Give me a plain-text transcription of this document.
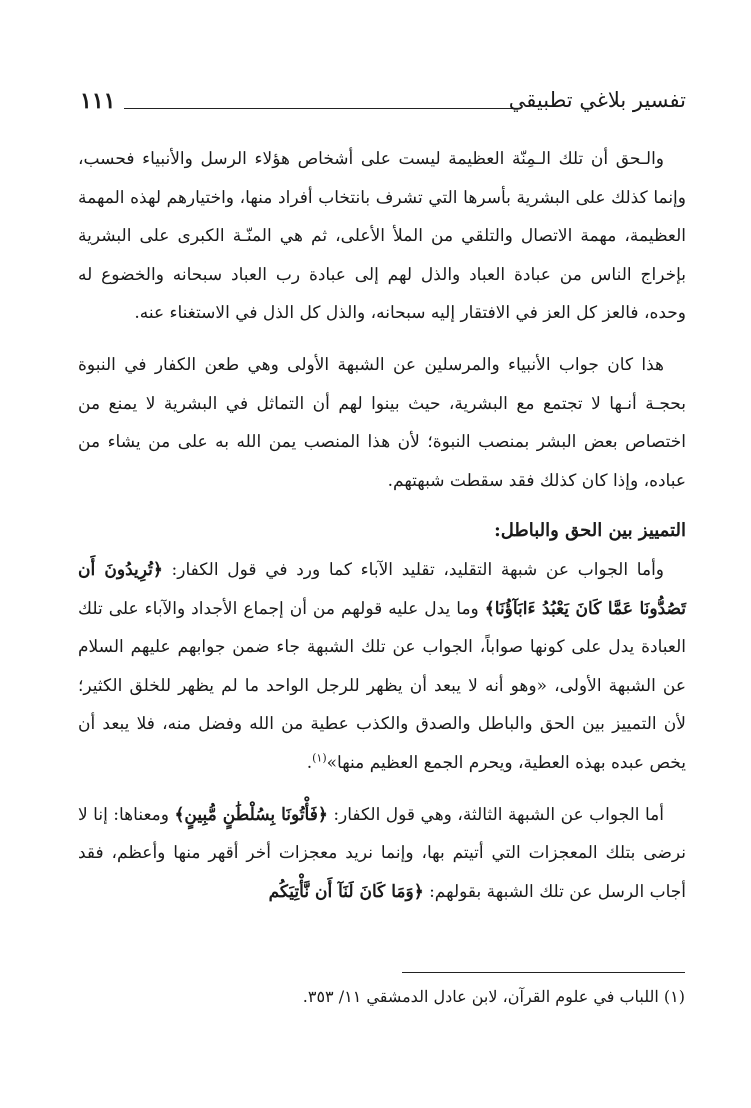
١١١	تفسير بلاغي تطبيقي

والـحق أن تلك الـمِنّة العظيمة ليست على أشخاص هؤلاء الرسل والأنبياء فحسب، وإنما كذلك على البشرية بأسرها التي تشرف بانتخاب أفراد منها، واختيارهم لهذه المهمة العظيمة، مهمة الاتصال والتلقي من الملأ الأعلى، ثم هي المنّـة الكبرى على البشرية بإخراج الناس من عبادة العباد والذل لهم إلى عبادة رب العباد سبحانه والخضوع له وحده، فالعز كل العز في الافتقار إليه سبحانه، والذل كل الذل في الاستغناء عنه.

هذا كان جواب الأنبياء والمرسلين عن الشبهة الأولى وهي طعن الكفار في النبوة بحجـة أنـها لا تجتمع مع البشرية، حيث بينوا لهم أن التماثل في البشرية لا يمنع من اختصاص بعض البشر بمنصب النبوة؛ لأن هذا المنصب يمن الله به على من يشاء من عباده، وإذا كان كذلك فقد سقطت شبهتهم.

التمييز بين الحق والباطل:

وأما الجواب عن شبهة التقليد، تقليد الآباء كما ورد في قول الكفار: ﴿تُرِيدُونَ أَن تَصُدُّونَا عَمَّا كَانَ يَعْبُدُ ءَابَآؤُنَا﴾ وما يدل عليه قولهم من أن إجماع الأجداد والآباء على تلك العبادة يدل على كونها صواباً، الجواب عن تلك الشبهة جاء ضمن جوابهم عليهم السلام عن الشبهة الأولى، «وهو أنه لا يبعد أن يظهر للرجل الواحد ما لم يظهر للخلق الكثير؛ لأن التمييز بين الحق والباطل والصدق والكذب عطية من الله وفضل منه، فلا يبعد أن يخص عبده بهذه العطية، ويحرم الجمع العظيم منها»$^{(١)}$.

أما الجواب عن الشبهة الثالثة، وهي قول الكفار: ﴿فَأْتُونَا بِسُلْطَٰنٍ مُّبِينٍ﴾ ومعناها: إنا لا نرضى بتلك المعجزات التي أتيتم بها، وإنما نريد معجزات أخر أقهر منها وأعظم، فقد أجاب الرسل عن تلك الشبهة بقولهم: ﴿وَمَا كَانَ لَنَآ أَن نَّأْتِيَكُم

(١) اللباب في علوم القرآن، لابن عادل الدمشقي ١١/ ٣٥٣.
